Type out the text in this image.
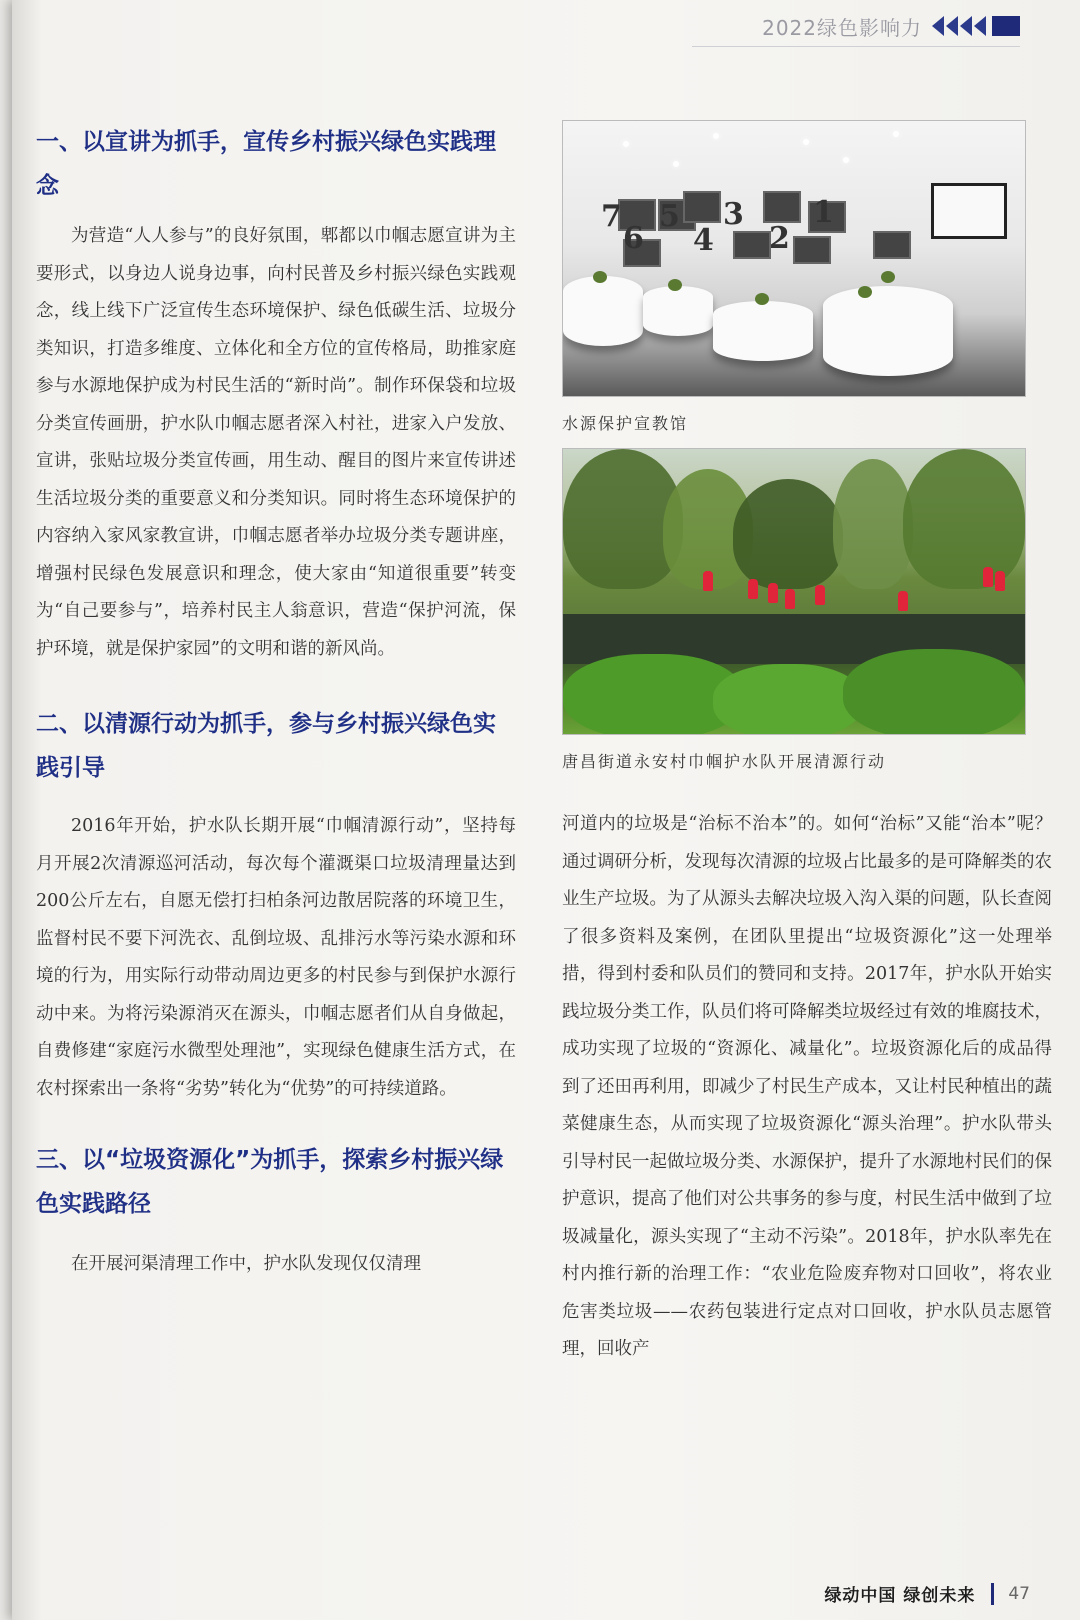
2022绿色影响力
一、以宣讲为抓手，宣传乡村振兴绿色实践理念

为营造“人人参与”的良好氛围，郫都以巾帼志愿宣讲为主要形式，以身边人说身边事，向村民普及乡村振兴绿色实践观念，线上线下广泛宣传生态环境保护、绿色低碳生活、垃圾分类知识，打造多维度、立体化和全方位的宣传格局，助推家庭参与水源地保护成为村民生活的“新时尚”。制作环保袋和垃圾分类宣传画册，护水队巾帼志愿者深入村社，进家入户发放、宣讲，张贴垃圾分类宣传画，用生动、醒目的图片来宣传讲述生活垃圾分类的重要意义和分类知识。同时将生态环境保护的内容纳入家风家教宣讲，巾帼志愿者举办垃圾分类专题讲座，增强村民绿色发展意识和理念，使大家由“知道很重要”转变为“自己要参与”，培养村民主人翁意识，营造“保护河流，保护环境，就是保护家园”的文明和谐的新风尚。

二、以清源行动为抓手，参与乡村振兴绿色实践引导

2016年开始，护水队长期开展“巾帼清源行动”，坚持每月开展2次清源巡河活动，每次每个灌溉渠口垃圾清理量达到200公斤左右，自愿无偿打扫柏条河边散居院落的环境卫生，监督村民不要下河洗衣、乱倒垃圾、乱排污水等污染水源和环境的行为，用实际行动带动周边更多的村民参与到保护水源行动中来。为将污染源消灭在源头，巾帼志愿者们从自身做起，自费修建“家庭污水微型处理池”，实现绿色健康生活方式，在农村探索出一条将“劣势”转化为“优势”的可持续道路。

三、以“垃圾资源化”为抓手，探索乡村振兴绿色实践路径

在开展河渠清理工作中，护水队发现仅仅清理

7
6
5
4
3
2
1
水源保护宣教馆
唐昌街道永安村巾帼护水队开展清源行动

河道内的垃圾是“治标不治本”的。如何“治标”又能“治本”呢？通过调研分析，发现每次清源的垃圾占比最多的是可降解类的农业生产垃圾。为了从源头去解决垃圾入沟入渠的问题，队长查阅了很多资料及案例，在团队里提出“垃圾资源化”这一处理举措，得到村委和队员们的赞同和支持。2017年，护水队开始实践垃圾分类工作，队员们将可降解类垃圾经过有效的堆腐技术，成功实现了垃圾的“资源化、减量化”。垃圾资源化后的成品得到了还田再利用，即减少了村民生产成本，又让村民种植出的蔬菜健康生态，从而实现了垃圾资源化“源头治理”。护水队带头引导村民一起做垃圾分类、水源保护，提升了水源地村民们的保护意识，提高了他们对公共事务的参与度，村民生活中做到了垃圾减量化，源头实现了“主动不污染”。2018年，护水队率先在村内推行新的治理工作：“农业危险废弃物对口回收”，将农业危害类垃圾——农药包装进行定点对口回收，护水队员志愿管理，回收产

绿动中国 绿创未来 47
